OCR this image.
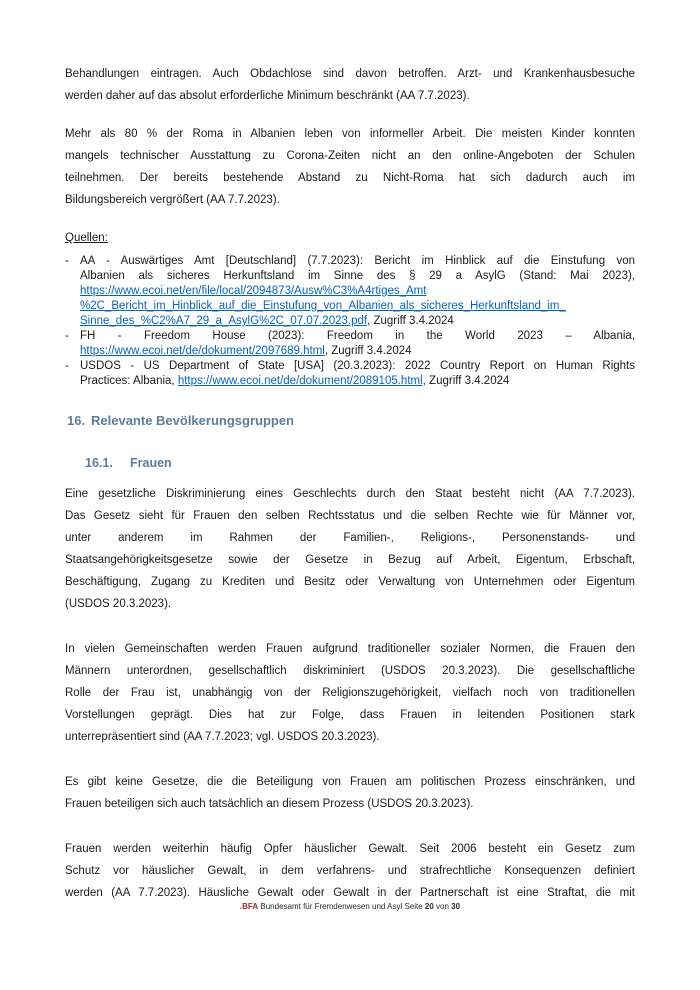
Behandlungen eintragen. Auch Obdachlose sind davon betroffen. Arzt- und Krankenhausbesuche
werden daher auf das absolut erforderliche Minimum beschränkt (AA 7.7.2023).
Mehr als 80 % der Roma in Albanien leben von informeller Arbeit. Die meisten Kinder konnten
mangels technischer Ausstattung zu Corona-Zeiten nicht an den online-Angeboten der Schulen
teilnehmen. Der bereits bestehende Abstand zu Nicht-Roma hat sich dadurch auch im
Bildungsbereich vergrößert (AA 7.7.2023).
Quellen:
- AA - Auswärtiges Amt [Deutschland] (7.7.2023): Bericht im Hinblick auf die Einstufung von
Albanien als sicheres Herkunftsland im Sinne des § 29 a AsylG (Stand: Mai 2023),
https://www.ecoi.net/en/file/local/2094873/Ausw%C3%A4rtiges_Amt
%2C_Bericht_im_Hinblick_auf_die_Einstufung_von_Albanien_als_sicheres_Herkunftsland_im_
Sinne_des_%C2%A7_29_a_AsylG%2C_07.07.2023.pdf, Zugriff 3.4.2024
- FH - Freedom House (2023): Freedom in the World 2023 – Albania,
https://www.ecoi.net/de/dokument/2097689.html, Zugriff 3.4.2024
- USDOS - US Department of State [USA] (20.3.2023): 2022 Country Report on Human Rights
Practices: Albania, https://www.ecoi.net/de/dokument/2089105.html, Zugriff 3.4.2024
16. Relevante Bevölkerungsgruppen
16.1. Frauen
Eine gesetzliche Diskriminierung eines Geschlechts durch den Staat besteht nicht (AA 7.7.2023).
Das Gesetz sieht für Frauen den selben Rechtsstatus und die selben Rechte wie für Männer vor,
unter anderem im Rahmen der Familien-, Religions-, Personenstands- und
Staatsangehörigkeitsgesetze sowie der Gesetze in Bezug auf Arbeit, Eigentum, Erbschaft,
Beschäftigung, Zugang zu Krediten und Besitz oder Verwaltung von Unternehmen oder Eigentum
(USDOS 20.3.2023).
In vielen Gemeinschaften werden Frauen aufgrund traditioneller sozialer Normen, die Frauen den
Männern unterordnen, gesellschaftlich diskriminiert (USDOS 20.3.2023). Die gesellschaftliche
Rolle der Frau ist, unabhängig von der Religionszugehörigkeit, vielfach noch von traditionellen
Vorstellungen geprägt. Dies hat zur Folge, dass Frauen in leitenden Positionen stark
unterrepräsentiert sind (AA 7.7.2023; vgl. USDOS 20.3.2023).
Es gibt keine Gesetze, die die Beteiligung von Frauen am politischen Prozess einschränken, und
Frauen beteiligen sich auch tatsächlich an diesem Prozess (USDOS 20.3.2023).
Frauen werden weiterhin häufig Opfer häuslicher Gewalt. Seit 2006 besteht ein Gesetz zum
Schutz vor häuslicher Gewalt, in dem verfahrens- und strafrechtliche Konsequenzen definiert
werden (AA 7.7.2023). Häusliche Gewalt oder Gewalt in der Partnerschaft ist eine Straftat, die mit
.BFA Bundesamt für Fremdenwesen und Asyl Seite 20 von 30
